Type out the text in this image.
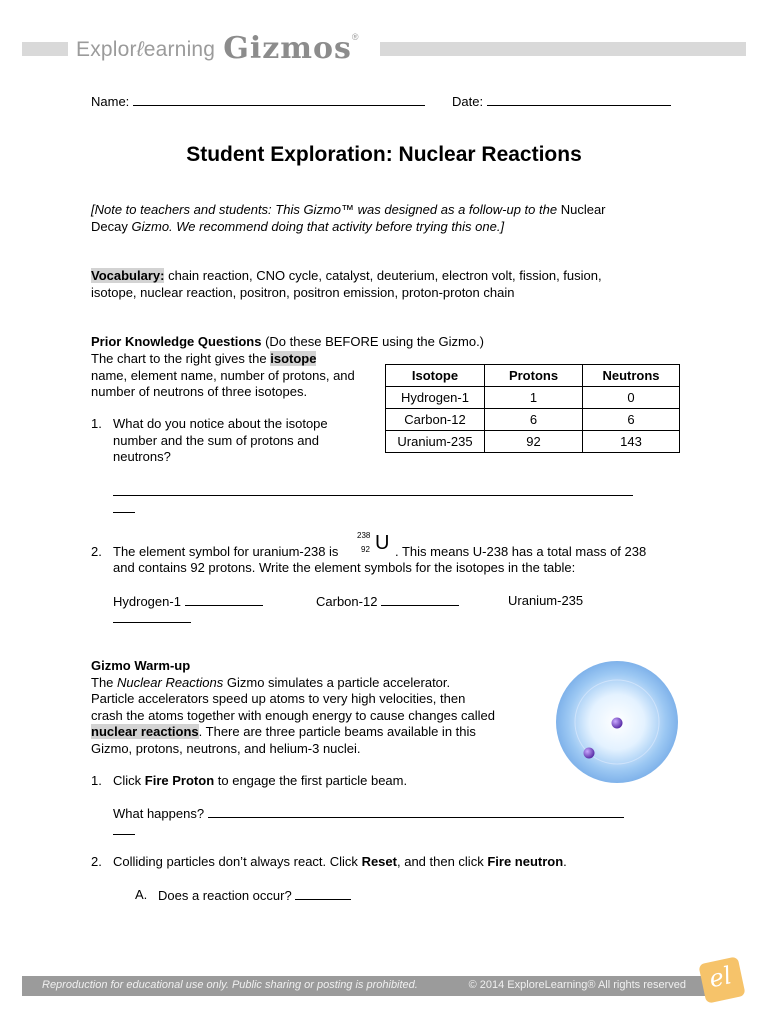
Explorℓearning Gizmos ®
Name:	Date:
Student Exploration: Nuclear Reactions
[Note to teachers and students: This Gizmo™ was designed as a follow-up to the Nuclear
Decay Gizmo. We recommend doing that activity before trying this one.]
Vocabulary: chain reaction, CNO cycle, catalyst, deuterium, electron volt, fission, fusion,
isotope, nuclear reaction, positron, positron emission, proton-proton chain
Prior Knowledge Questions (Do these BEFORE using the Gizmo.)
The chart to the right gives the isotope
name, element name, number of protons, and
number of neutrons of three isotopes.
Isotope	Protons	Neutrons
Hydrogen-1	1	0
Carbon-12	6	6
Uranium-235	92	143
1. What do you notice about the isotope
number and the sum of protons and
neutrons?
2. The element symbol for uranium-238 is
238
92 U . This means U-238 has a total mass of 238
and contains 92 protons. Write the element symbols for the isotopes in the table:
Hydrogen-1	Carbon-12	Uranium-235
Gizmo Warm-up
The Nuclear Reactions Gizmo simulates a particle accelerator.
Particle accelerators speed up atoms to very high velocities, then
crash the atoms together with enough energy to cause changes called
nuclear reactions. There are three particle beams available in this
Gizmo, protons, neutrons, and helium-3 nuclei.
1. Click Fire Proton to engage the first particle beam.
What happens?
2. Colliding particles don’t always react. Click Reset, and then click Fire neutron.
A. Does a reaction occur?
Reproduction for educational use only. Public sharing or posting is prohibited.	© 2014 ExploreLearning® All rights reserved el
